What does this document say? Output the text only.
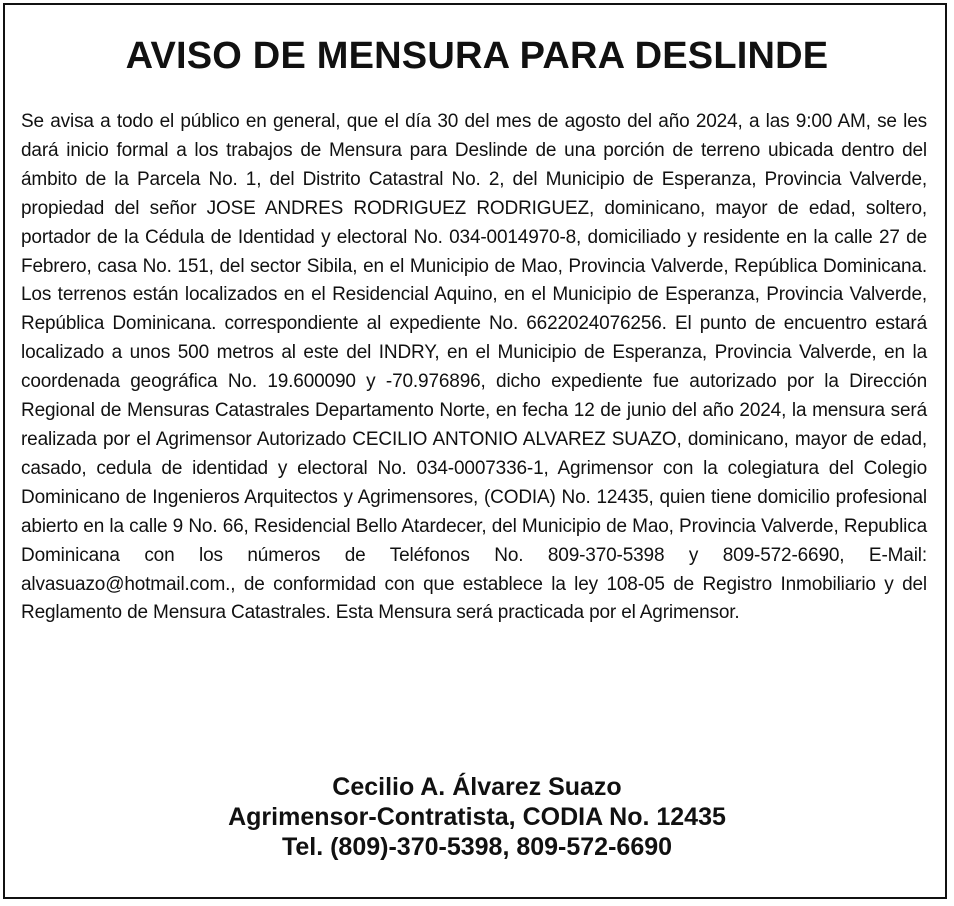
AVISO DE MENSURA PARA DESLINDE

Se avisa a todo el público en general, que el día 30 del mes de agosto del año 2024, a las 9:00 AM, se les dará inicio formal a los trabajos de Mensura para Deslinde de una porción de terreno ubicada dentro del ámbito de la Parcela No. 1, del Distrito Catastral No. 2, del Municipio de Esperanza, Provincia Valverde, propiedad del señor JOSE ANDRES RODRIGUEZ RODRIGUEZ, dominicano, mayor de edad, soltero, portador de la Cédula de Identidad y electoral No. 034-0014970-8, domiciliado y residente en la calle 27 de Febrero, casa No. 151, del sector Sibila, en el Municipio de Mao, Provincia Valverde, República Dominicana. Los terrenos están localizados en el Residencial Aquino, en el Municipio de Esperanza, Provincia Valverde, República Dominicana. correspondiente al expediente No. 6622024076256. El punto de encuentro estará localizado a unos 500 metros al este del INDRY, en el Municipio de Esperanza, Provincia Valverde, en la coordenada geográfica No. 19.600090 y -70.976896, dicho expediente fue autorizado por la Dirección Regional de Mensuras Catastrales Departamento Norte, en fecha 12 de junio del año 2024, la mensura será realizada por el Agrimensor Autorizado CECILIO ANTONIO ALVAREZ SUAZO, dominicano, mayor de edad, casado, cedula de identidad y electoral No. 034-0007336-1, Agrimensor con la colegiatura del Colegio Dominicano de Ingenieros Arquitectos y Agrimensores, (CODIA) No. 12435, quien tiene domicilio profesional abierto en la calle 9 No. 66, Residencial Bello Atardecer, del Municipio de Mao, Provincia Valverde, Republica Dominicana con los números de Teléfonos No. 809-370-5398 y 809-572-6690, E-Mail: alvasuazo@hotmail.com., de conformidad con que establece la ley 108-05 de Registro Inmobiliario y del Reglamento de Mensura Catastrales. Esta Mensura será practicada por el Agrimensor.

Cecilio A. Álvarez Suazo
Agrimensor-Contratista, CODIA No. 12435
Tel. (809)-370-5398, 809-572-6690
